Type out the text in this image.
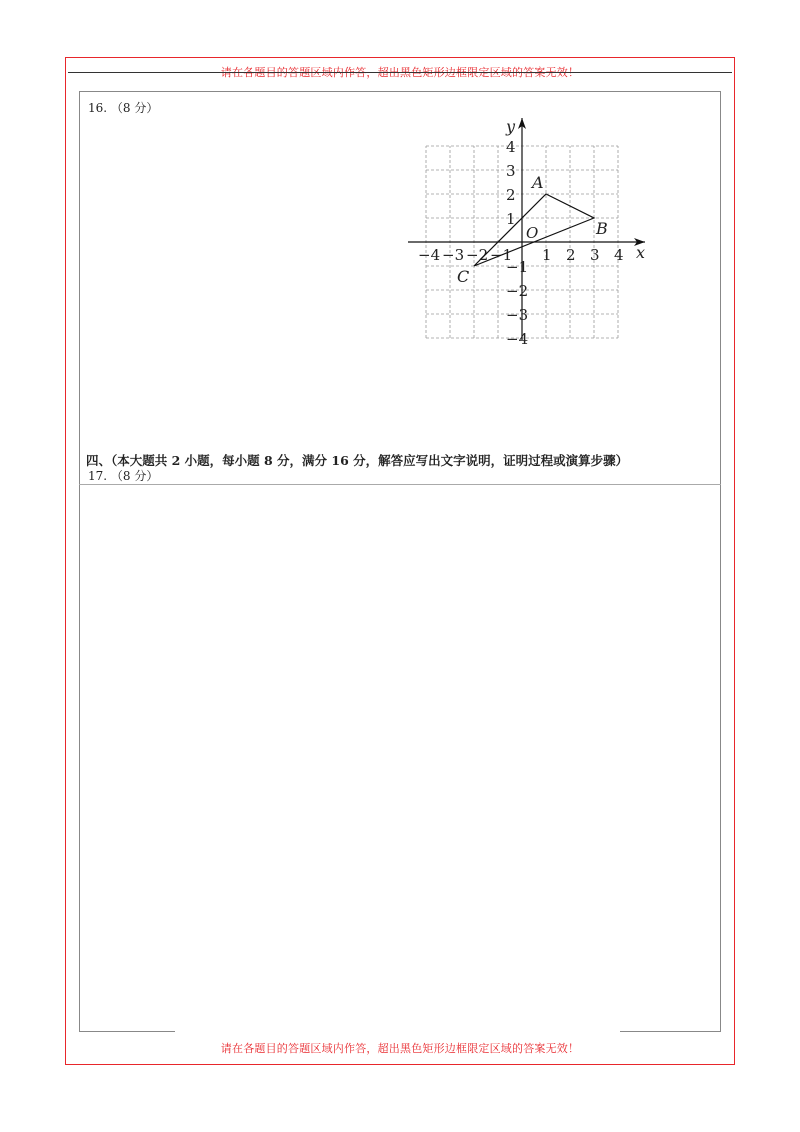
请在各题目的答题区域内作答，超出黑色矩形边框限定区域的答案无效！
请在各题目的答题区域内作答，超出黑色矩形边框限定区域的答案无效！
16. （8 分）
x
y
−4 −3 −2 −1 1 2 3 4
4
3
2
1
−1
−2
−3
−4
O
A
B
C
四、（本大题共 2 小题，每小题 8 分，满分 16 分，解答应写出文字说明，证明过程或演算步骤）
17. （8 分）
